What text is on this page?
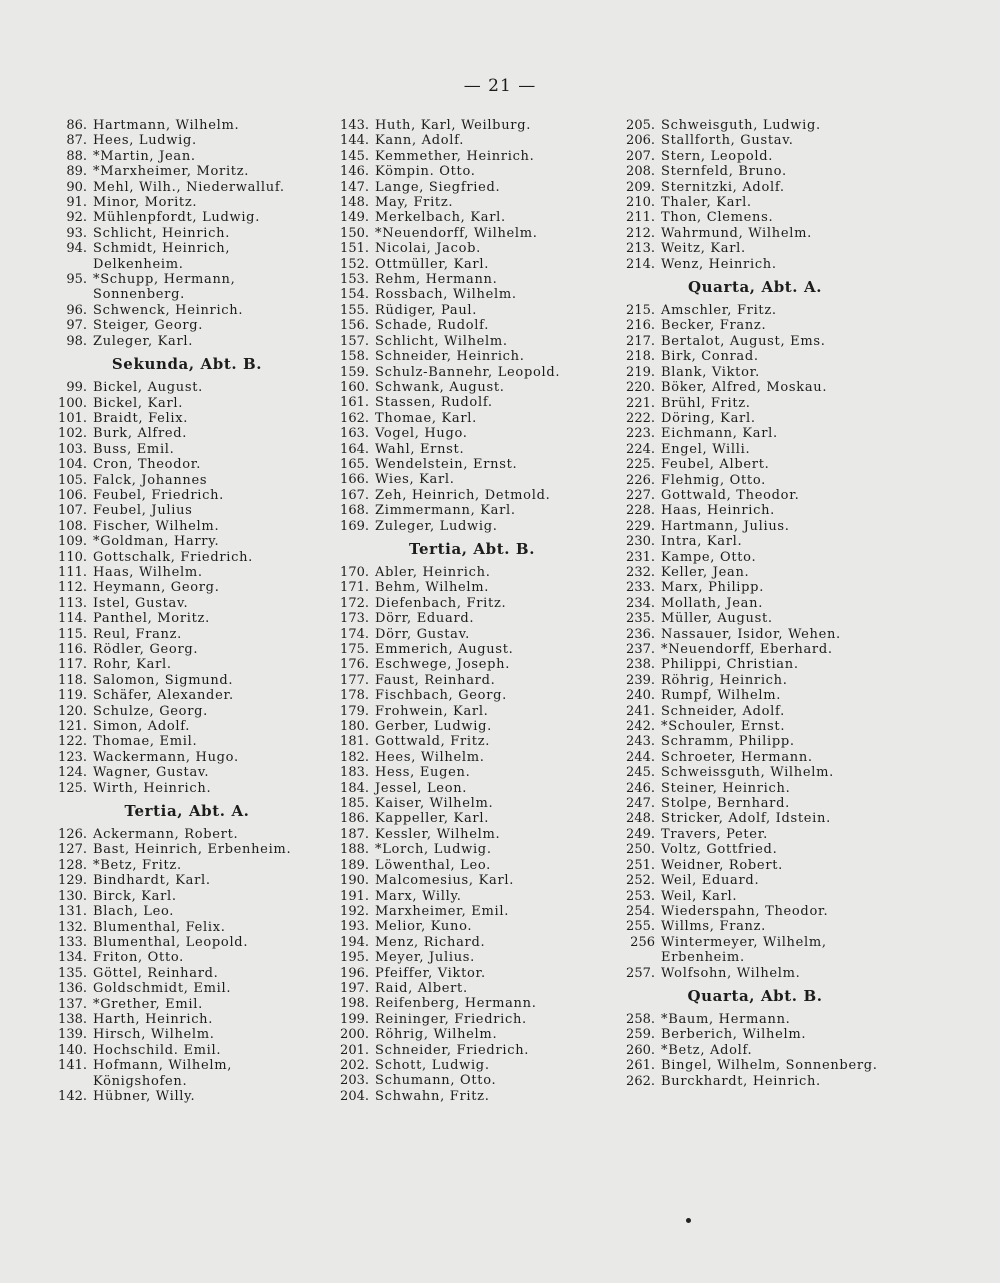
— 21 —
86. Hartmann, Wilhelm.
87. Hees, Ludwig.
88. *Martin, Jean.
89. *Marxheimer, Moritz.
90. Mehl, Wilh., Niederwalluf.
91. Minor, Moritz.
92. Mühlenpfordt, Ludwig.
93. Schlicht, Heinrich.
94. Schmidt, Heinrich, Delkenheim.
95. *Schupp, Hermann, Sonnenberg.
96. Schwenck, Heinrich.
97. Steiger, Georg.
98. Zuleger, Karl.
Sekunda, Abt. B.
99. Bickel, August.
100. Bickel, Karl.
101. Braidt, Felix.
102. Burk, Alfred.
103. Buss, Emil.
104. Cron, Theodor.
105. Falck, Johannes
106. Feubel, Friedrich.
107. Feubel, Julius
108. Fischer, Wilhelm.
109. *Goldman, Harry.
110. Gottschalk, Friedrich.
111. Haas, Wilhelm.
112. Heymann, Georg.
113. Istel, Gustav.
114. Panthel, Moritz.
115. Reul, Franz.
116. Rödler, Georg.
117. Rohr, Karl.
118. Salomon, Sigmund.
119. Schäfer, Alexander.
120. Schulze, Georg.
121. Simon, Adolf.
122. Thomae, Emil.
123. Wackermann, Hugo.
124. Wagner, Gustav.
125. Wirth, Heinrich.
Tertia, Abt. A.
126. Ackermann, Robert.
127. Bast, Heinrich, Erbenheim.
128. *Betz, Fritz.
129. Bindhardt, Karl.
130. Birck, Karl.
131. Blach, Leo.
132. Blumenthal, Felix.
133. Blumenthal, Leopold.
134. Friton, Otto.
135. Göttel, Reinhard.
136. Goldschmidt, Emil.
137. *Grether, Emil.
138. Harth, Heinrich.
139. Hirsch, Wilhelm.
140. Hochschild. Emil.
141. Hofmann, Wilhelm, Königshofen.
142. Hübner, Willy.
143. Huth, Karl, Weilburg.
144. Kann, Adolf.
145. Kemmether, Heinrich.
146. Kömpin. Otto.
147. Lange, Siegfried.
148. May, Fritz.
149. Merkelbach, Karl.
150. *Neuendorff, Wilhelm.
151. Nicolai, Jacob.
152. Ottmüller, Karl.
153. Rehm, Hermann.
154. Rossbach, Wilhelm.
155. Rüdiger, Paul.
156. Schade, Rudolf.
157. Schlicht, Wilhelm.
158. Schneider, Heinrich.
159. Schulz-Bannehr, Leopold.
160. Schwank, August.
161. Stassen, Rudolf.
162. Thomae, Karl.
163. Vogel, Hugo.
164. Wahl, Ernst.
165. Wendelstein, Ernst.
166. Wies, Karl.
167. Zeh, Heinrich, Detmold.
168. Zimmermann, Karl.
169. Zuleger, Ludwig.
Tertia, Abt. B.
170. Abler, Heinrich.
171. Behm, Wilhelm.
172. Diefenbach, Fritz.
173. Dörr, Eduard.
174. Dörr, Gustav.
175. Emmerich, August.
176. Eschwege, Joseph.
177. Faust, Reinhard.
178. Fischbach, Georg.
179. Frohwein, Karl.
180. Gerber, Ludwig.
181. Gottwald, Fritz.
182. Hees, Wilhelm.
183. Hess, Eugen.
184. Jessel, Leon.
185. Kaiser, Wilhelm.
186. Kappeller, Karl.
187. Kessler, Wilhelm.
188. *Lorch, Ludwig.
189. Löwenthal, Leo.
190. Malcomesius, Karl.
191. Marx, Willy.
192. Marxheimer, Emil.
193. Melior, Kuno.
194. Menz, Richard.
195. Meyer, Julius.
196. Pfeiffer, Viktor.
197. Raid, Albert.
198. Reifenberg, Hermann.
199. Reininger, Friedrich.
200. Röhrig, Wilhelm.
201. Schneider, Friedrich.
202. Schott, Ludwig.
203. Schumann, Otto.
204. Schwahn, Fritz.
205. Schweisguth, Ludwig.
206. Stallforth, Gustav.
207. Stern, Leopold.
208. Sternfeld, Bruno.
209. Sternitzki, Adolf.
210. Thaler, Karl.
211. Thon, Clemens.
212. Wahrmund, Wilhelm.
213. Weitz, Karl.
214. Wenz, Heinrich.
Quarta, Abt. A.
215. Amschler, Fritz.
216. Becker, Franz.
217. Bertalot, August, Ems.
218. Birk, Conrad.
219. Blank, Viktor.
220. Böker, Alfred, Moskau.
221. Brühl, Fritz.
222. Döring, Karl.
223. Eichmann, Karl.
224. Engel, Willi.
225. Feubel, Albert.
226. Flehmig, Otto.
227. Gottwald, Theodor.
228. Haas, Heinrich.
229. Hartmann, Julius.
230. Intra, Karl.
231. Kampe, Otto.
232. Keller, Jean.
233. Marx, Philipp.
234. Mollath, Jean.
235. Müller, August.
236. Nassauer, Isidor, Wehen.
237. *Neuendorff, Eberhard.
238. Philippi, Christian.
239. Röhrig, Heinrich.
240. Rumpf, Wilhelm.
241. Schneider, Adolf.
242. *Schouler, Ernst.
243. Schramm, Philipp.
244. Schroeter, Hermann.
245. Schweissguth, Wilhelm.
246. Steiner, Heinrich.
247. Stolpe, Bernhard.
248. Stricker, Adolf, Idstein.
249. Travers, Peter.
250. Voltz, Gottfried.
251. Weidner, Robert.
252. Weil, Eduard.
253. Weil, Karl.
254. Wiederspahn, Theodor.
255. Willms, Franz.
256 Wintermeyer, Wilhelm, Erbenheim.
257. Wolfsohn, Wilhelm.
Quarta, Abt. B.
258. *Baum, Hermann.
259. Berberich, Wilhelm.
260. *Betz, Adolf.
261. Bingel, Wilhelm, Sonnenberg.
262. Burckhardt, Heinrich.
